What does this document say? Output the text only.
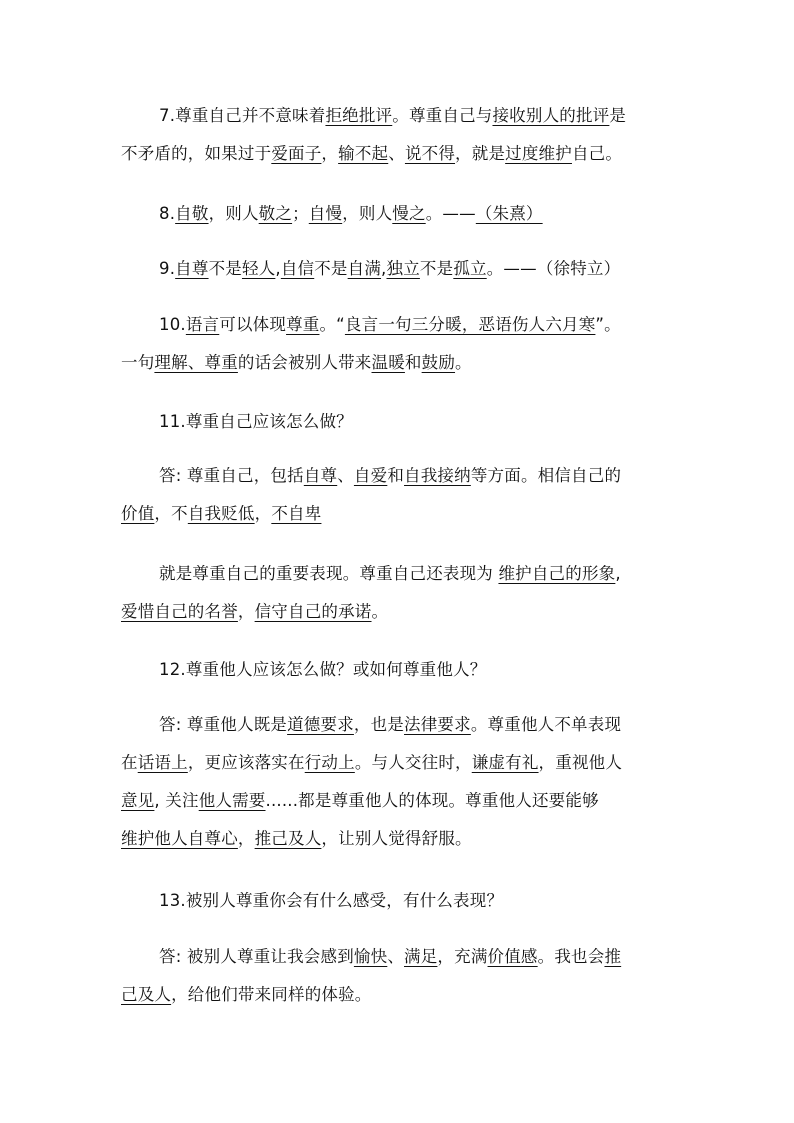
7.尊重自己并不意味着拒绝批评。尊重自己与接收别人的批评是
不矛盾的，如果过于爱面子，输不起、说不得，就是过度维护自己。
8.自敬，则人敬之；自慢，则人慢之。——（朱熹）
9.自尊不是轻人,自信不是自满,独立不是孤立。——（徐特立）
10.语言可以体现尊重。“良言一句三分暖，恶语伤人六月寒”。
一句理解、尊重的话会被别人带来温暖和鼓励。
11.尊重自己应该怎么做？
答: 尊重自己，包括自尊、自爱和自我接纳等方面。相信自己的
价值，不自我贬低，不自卑
就是尊重自己的重要表现。尊重自己还表现为 维护自己的形象,
爱惜自己的名誉，信守自己的承诺。
12.尊重他人应该怎么做？或如何尊重他人？
答: 尊重他人既是道德要求，也是法律要求。尊重他人不单表现
在话语上，更应该落实在行动上。与人交往时，谦虚有礼，重视他人
意见, 关注他人需要......都是尊重他人的体现。尊重他人还要能够
维护他人自尊心，推己及人，让别人觉得舒服。
13.被别人尊重你会有什么感受，有什么表现？
答: 被别人尊重让我会感到愉快、满足，充满价值感。我也会推
己及人，给他们带来同样的体验。
